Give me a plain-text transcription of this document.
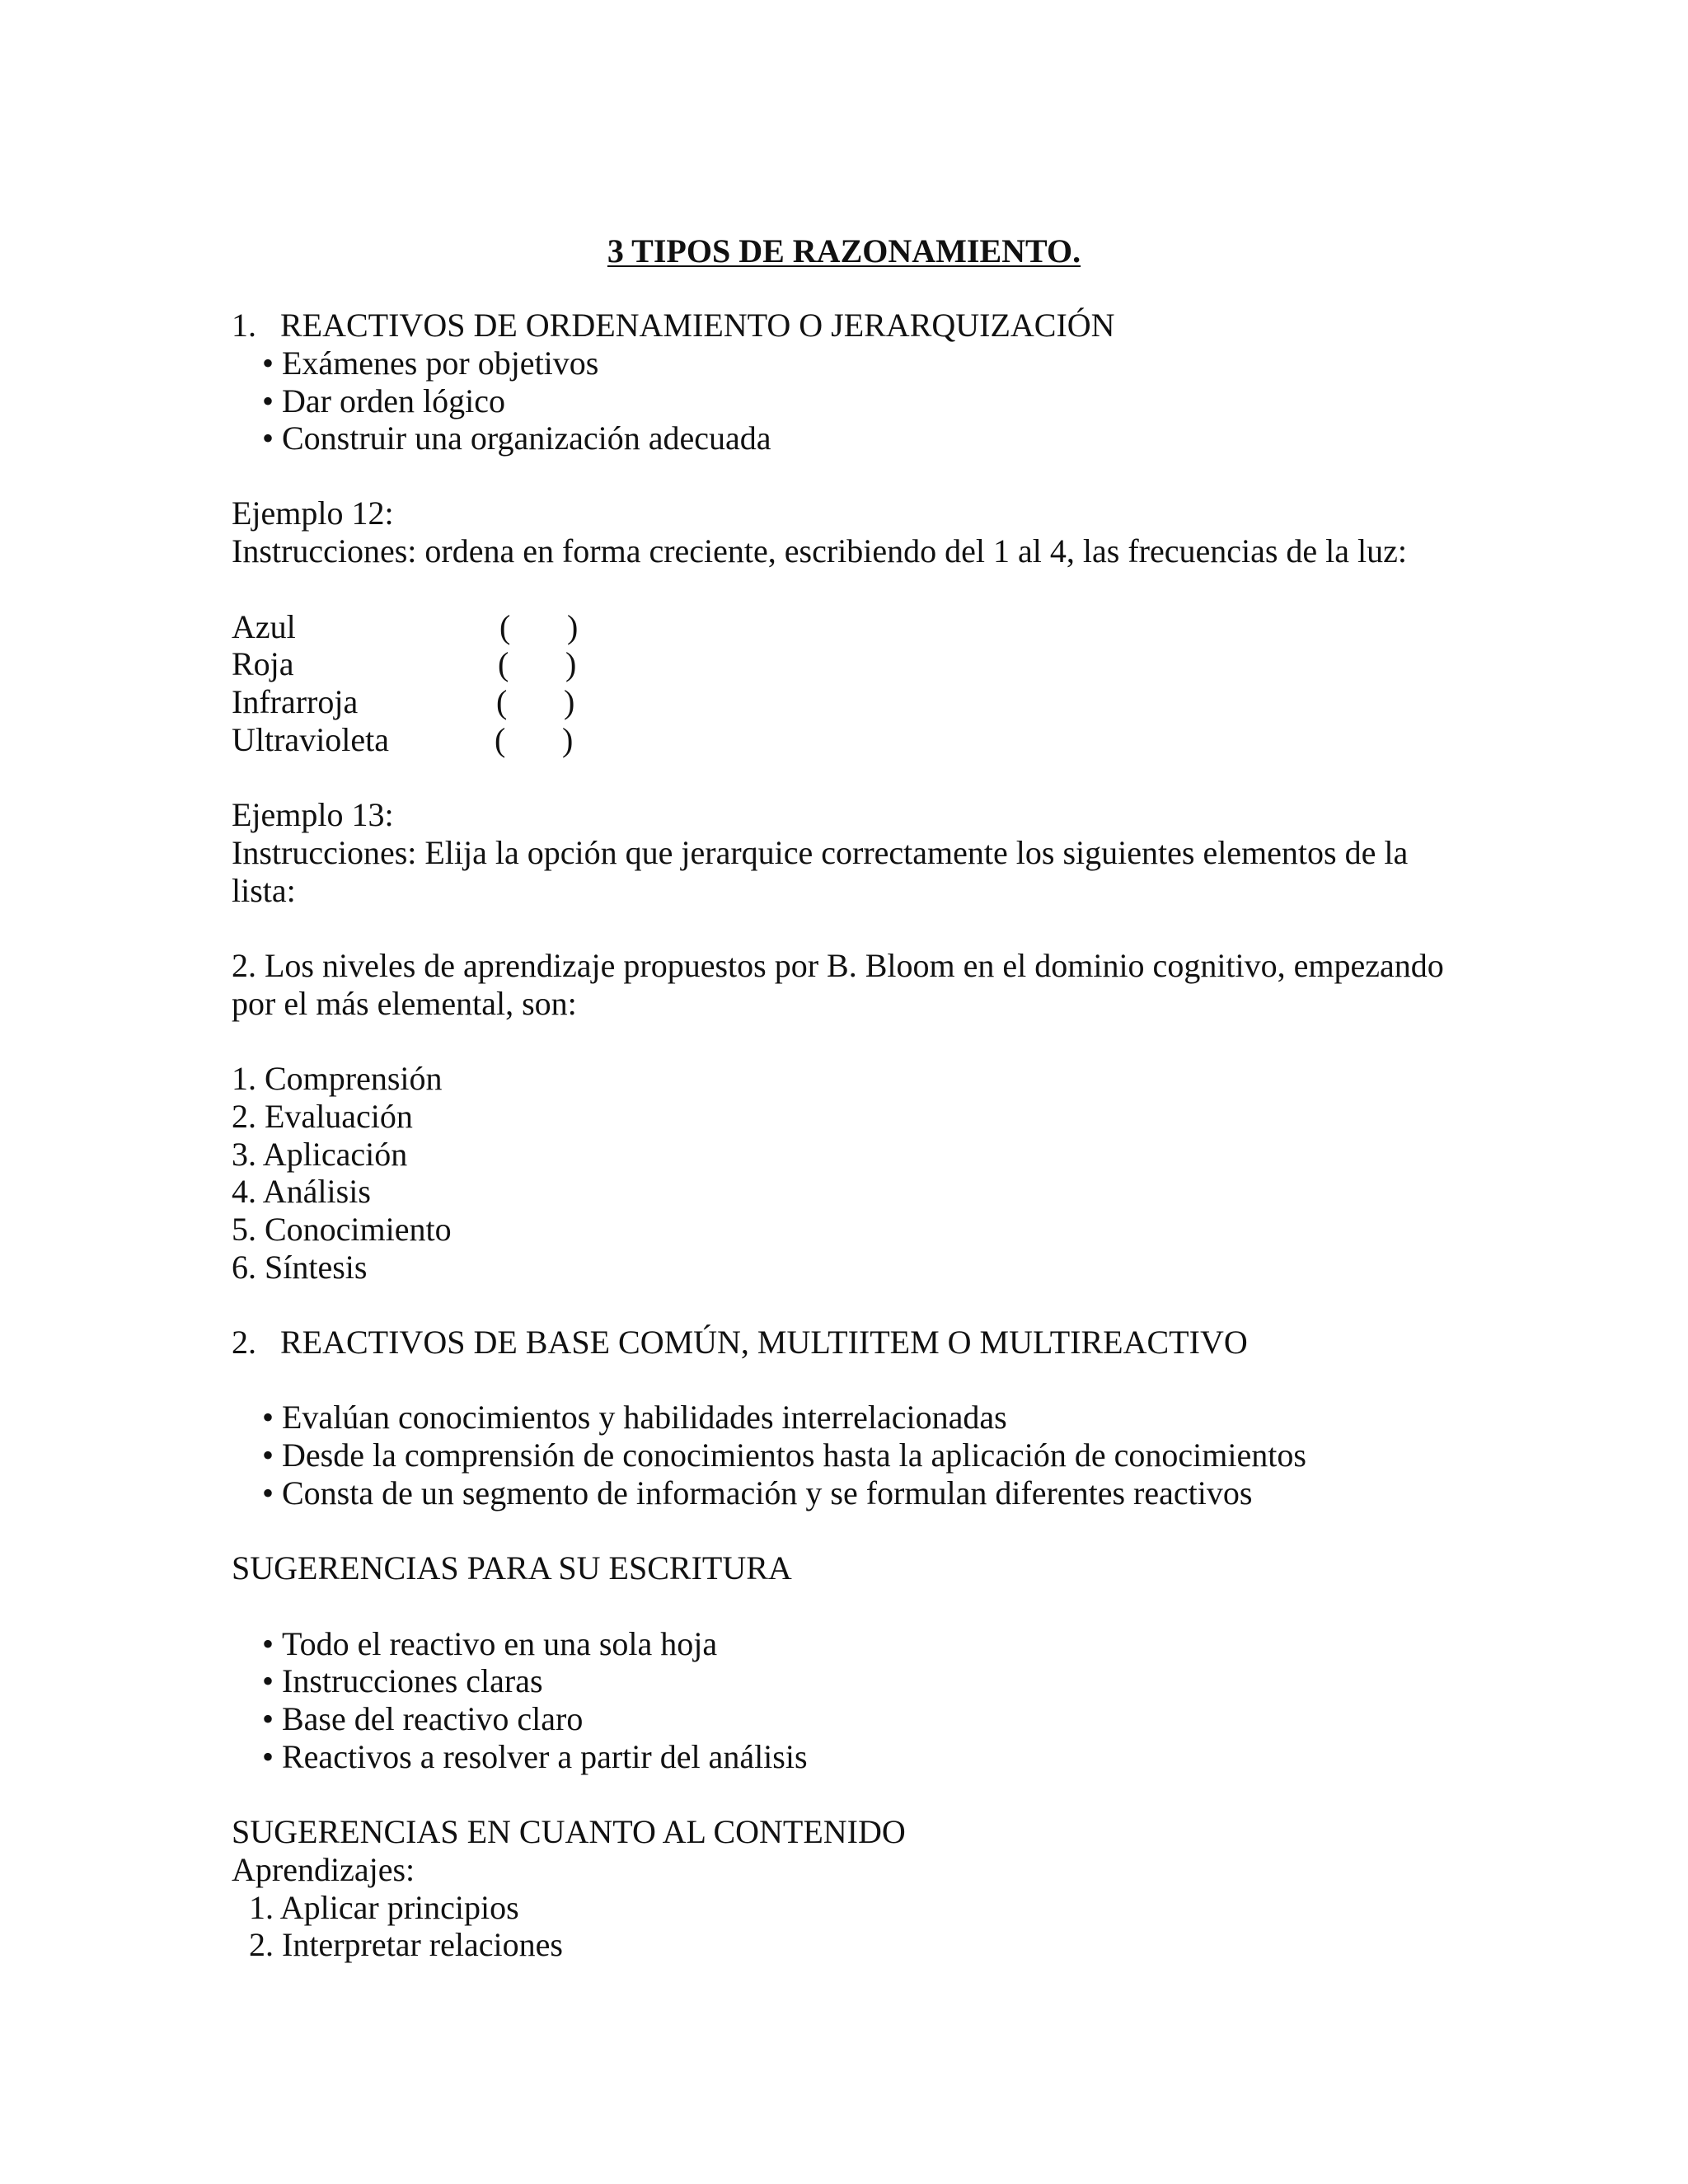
3 TIPOS DE RAZONAMIENTO.
1. REACTIVOS DE ORDENAMIENTO O JERARQUIZACIÓN
• Exámenes por objetivos
• Dar orden lógico
• Construir una organización adecuada
Ejemplo 12:
Instrucciones: ordena en forma creciente, escribiendo del 1 al 4, las frecuencias de la luz:
Azul	( )
Roja	( )
Infrarroja	( )
Ultravioleta	( )
Ejemplo 13:
Instrucciones: Elija la opción que jerarquice correctamente los siguientes elementos de la
lista:
2. Los niveles de aprendizaje propuestos por B. Bloom en el dominio cognitivo, empezando
por el más elemental, son:
1. Comprensión
2. Evaluación
3. Aplicación
4. Análisis
5. Conocimiento
6. Síntesis
2. REACTIVOS DE BASE COMÚN, MULTIITEM O MULTIREACTIVO
• Evalúan conocimientos y habilidades interrelacionadas
• Desde la comprensión de conocimientos hasta la aplicación de conocimientos
• Consta de un segmento de información y se formulan diferentes reactivos
SUGERENCIAS PARA SU ESCRITURA
• Todo el reactivo en una sola hoja
• Instrucciones claras
• Base del reactivo claro
• Reactivos a resolver a partir del análisis
SUGERENCIAS EN CUANTO AL CONTENIDO
Aprendizajes:
1. Aplicar principios
2. Interpretar relaciones
